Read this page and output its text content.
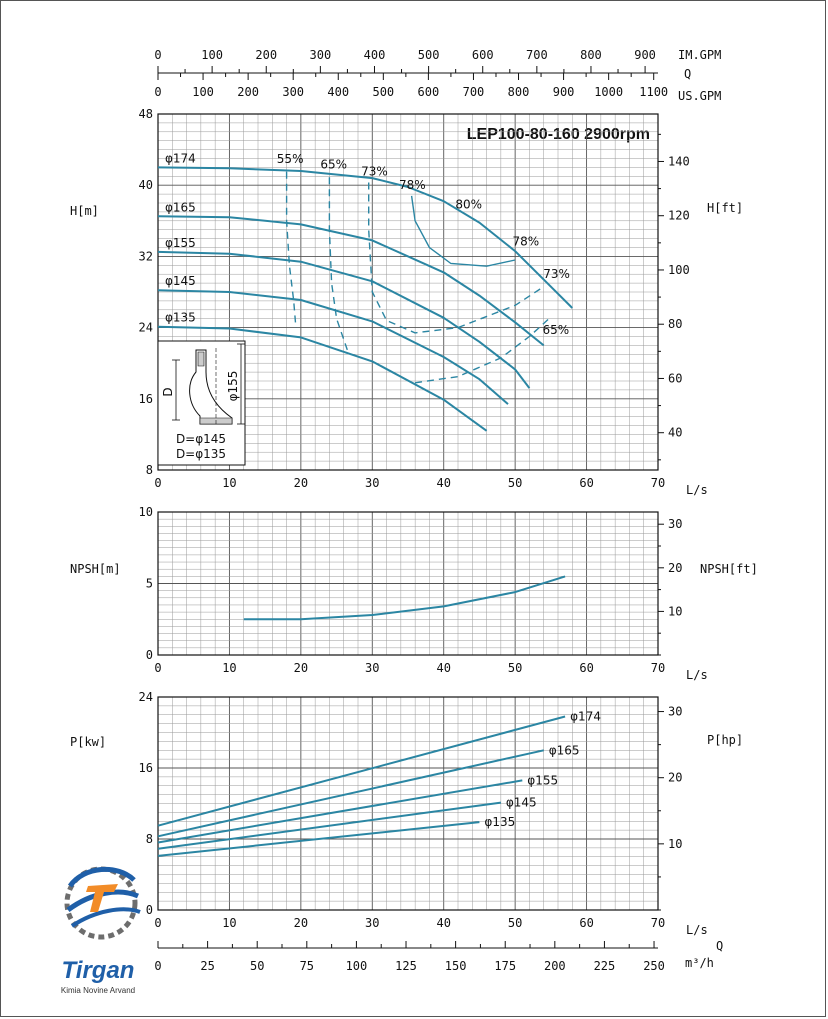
0	100	200	300	400	500	600	700	800	900
0	100 200 300 400 500 600 700 800 900 1000 1100
IM.GPM
Q
US.GPM
LEP100-80-160 2900rpm
0	10	20	30	40	50	60	70
8
16
24
32
40
48
40
60
80
100
120
140
φ174
φ165
φ155
φ145
φ135
55% 65%
73%
78%
80%
78%
73%
65%
0	10	20	30	40	50	60	70
0
5
10
10
20
30
0	10	20	30	40	50	60	70
0
8
16
24
10
20
30
φ174
φ165
φ155
φ145
φ135
0	25	50	75	100 125 150 175 200 225 250
H[m]	H[ft]
L/s
NPSH[m]	NPSH[ft]
L/s
P[kw]	P[hp]
L/s
Q
m³/h
D	φ155
D=φ145
D=φ135
Tirgan
Kimia Novine Arvand
